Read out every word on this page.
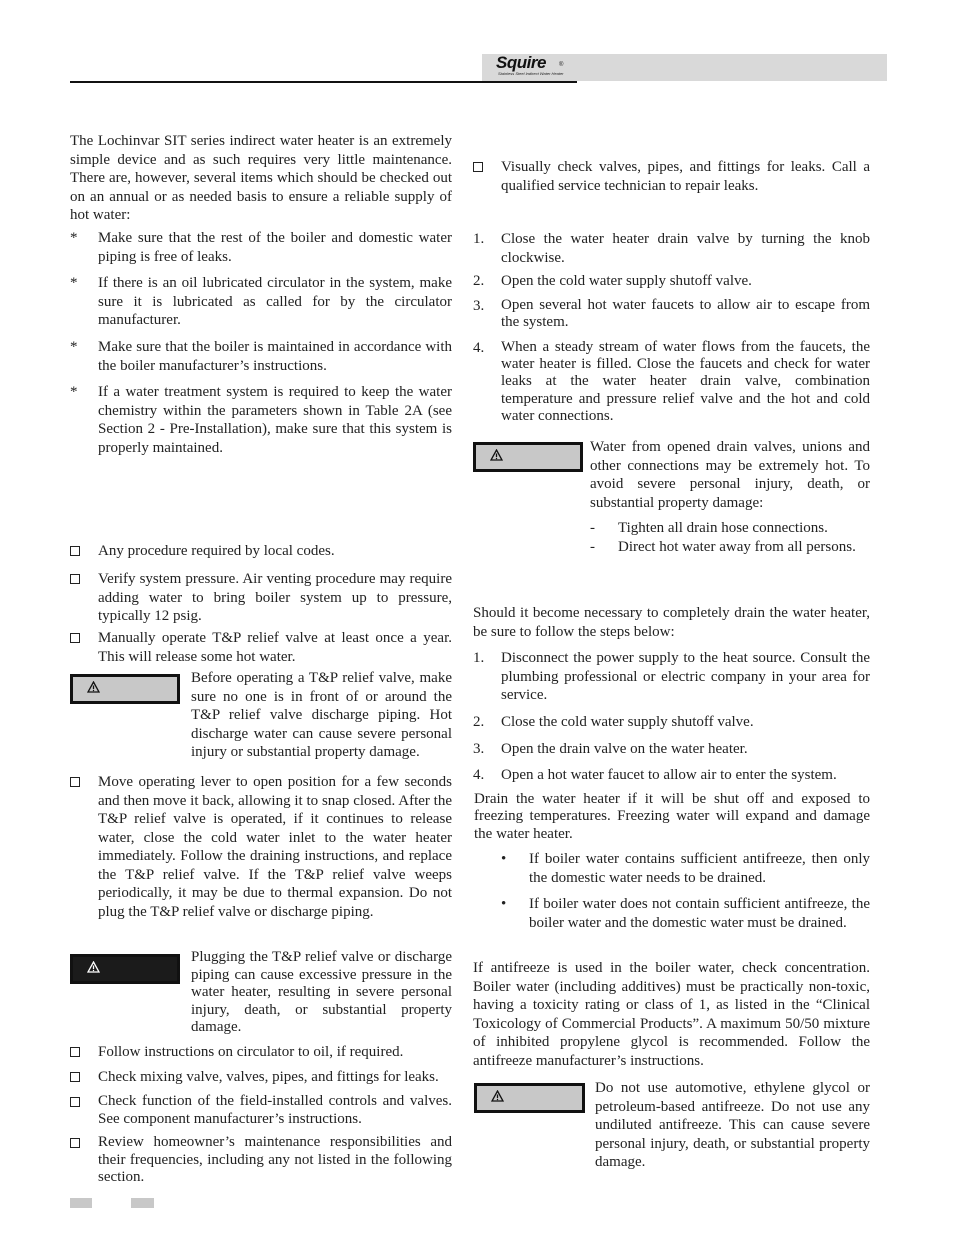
Squire ®
Stainless Steel Indirect Water Heater

The Lochinvar SIT series indirect water heater is an extremely simple device and as such requires very little maintenance. There are, however, several items which should be checked out on an annual or as needed basis to ensure a reliable supply of hot water:

* Make sure that the rest of the boiler and domestic water piping is free of leaks.
* If there is an oil lubricated circulator in the system, make sure it is lubricated as called for by the circulator manufacturer.
* Make sure that the boiler is maintained in accordance with the boiler manufacturer’s instructions.
* If a water treatment system is required to keep the water chemistry within the parameters shown in Table 2A (see Section 2 - Pre-Installation), make sure that this system is properly maintained.
Any procedure required by local codes.
Verify system pressure. Air venting procedure may require adding water to bring boiler system up to pressure, typically 12 psig.
Manually operate T&P relief valve at least once a year. This will release some hot water.

Before operating a T&P relief valve, make sure no one is in front of or around the T&P relief valve discharge piping. Hot discharge water can cause severe personal injury or substantial property damage.

Move operating lever to open position for a few seconds and then move it back, allowing it to snap closed. After the T&P relief valve is operated, if it continues to release water, close the cold water inlet to the water heater immediately. Follow the draining instructions, and replace the T&P relief valve. If the T&P relief valve weeps periodically, it may be due to thermal expansion. Do not plug the T&P relief valve or discharge piping.

Plugging the T&P relief valve or discharge piping can cause excessive pressure in the water heater, resulting in severe personal injury, death, or substantial property damage.

Follow instructions on circulator to oil, if required.
Check mixing valve, valves, pipes, and fittings for leaks.
Check function of the field-installed controls and valves. See component manufacturer’s instructions.
Review homeowner’s maintenance responsibilities and their frequencies, including any not listed in the following section.
Visually check valves, pipes, and fittings for leaks. Call a qualified service technician to repair leaks.
1. Close the water heater drain valve by turning the knob clockwise.
2. Open the cold water supply shutoff valve.
3. Open several hot water faucets to allow air to escape from the system.
4. When a steady stream of water flows from the faucets, the water heater is filled. Close the faucets and check for water leaks at the water heater drain valve, combination temperature and pressure relief valve and the hot and cold water connections.

Water from opened drain valves, unions and other connections may be extremely hot. To avoid severe personal injury, death, or substantial property damage:

- Tighten all drain hose connections.
- Direct hot water away from all persons.

Should it become necessary to completely drain the water heater, be sure to follow the steps below:

1. Disconnect the power supply to the heat source. Consult the plumbing professional or electric company in your area for service.
2. Close the cold water supply shutoff valve.
3. Open the drain valve on the water heater.
4. Open a hot water faucet to allow air to enter the system.

Drain the water heater if it will be shut off and exposed to freezing temperatures. Freezing water will expand and damage the water heater.

• If boiler water contains sufficient antifreeze, then only the domestic water needs to be drained.
• If boiler water does not contain sufficient antifreeze, the boiler water and the domestic water must be drained.

If antifreeze is used in the boiler water, check concentration. Boiler water (including additives) must be practically non-toxic, having a toxicity rating or class of 1, as listed in the “Clinical Toxicology of Commercial Products”. A maximum 50/50 mixture of inhibited propylene glycol is recommended. Follow the antifreeze manufacturer’s instructions.

Do not use automotive, ethylene glycol or petroleum-based antifreeze. Do not use any undiluted antifreeze. This can cause severe personal injury, death, or substantial property damage.
